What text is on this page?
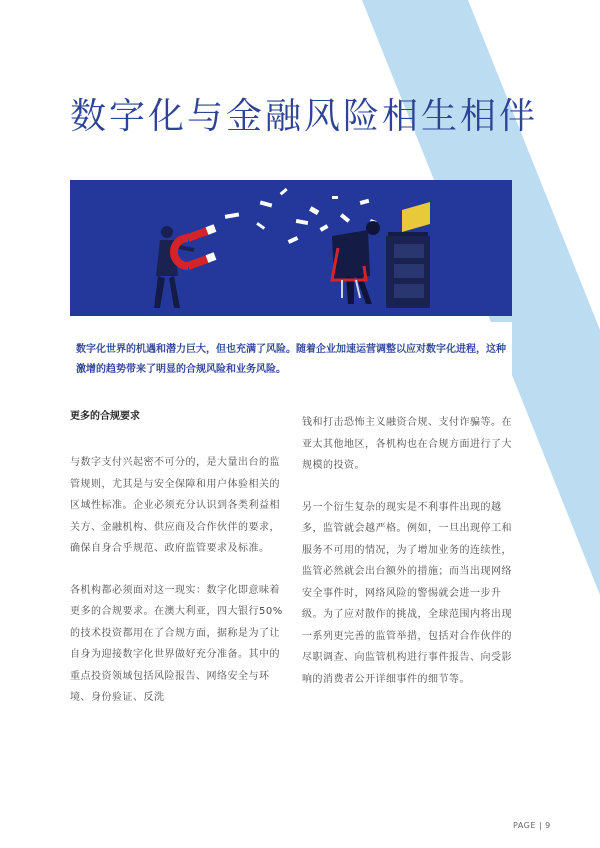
数字化与金融风险相生相伴

数字化世界的机遇和潜力巨大，但也充满了风险。随着企业加速运营调整以应对数字化进程，这种激增的趋势带来了明显的合规风险和业务风险。

更多的合规要求

与数字支付兴起密不可分的，是大量出台的监管规则，尤其是与安全保障和用户体验相关的区域性标准。企业必须充分认识到各类利益相关方、金融机构、供应商及合作伙伴的要求，确保自身合乎规范、政府监管要求及标准。

各机构都必须面对这一现实：数字化即意味着更多的合规要求。在澳大利亚，四大银行50%的技术投资都用在了合规方面，据称是为了让自身为迎接数字化世界做好充分准备。其中的重点投资领域包括风险报告、网络安全与环境、身份验证、反洗

钱和打击恐怖主义融资合规、支付诈骗等。在亚太其他地区，各机构也在合规方面进行了大规模的投资。

另一个衍生复杂的现实是不利事件出现的越多，监管就会越严格。例如，一旦出现停工和服务不可用的情况，为了增加业务的连续性，监管必然就会出台额外的措施；而当出现网络安全事件时，网络风险的警惕就会进一步升级。为了应对散作的挑战，全球范围内将出现一系列更完善的监管举措，包括对合作伙伴的尽职调查、向监管机构进行事件报告、向受影响的消费者公开详细事件的细节等。

PAGE | 9
